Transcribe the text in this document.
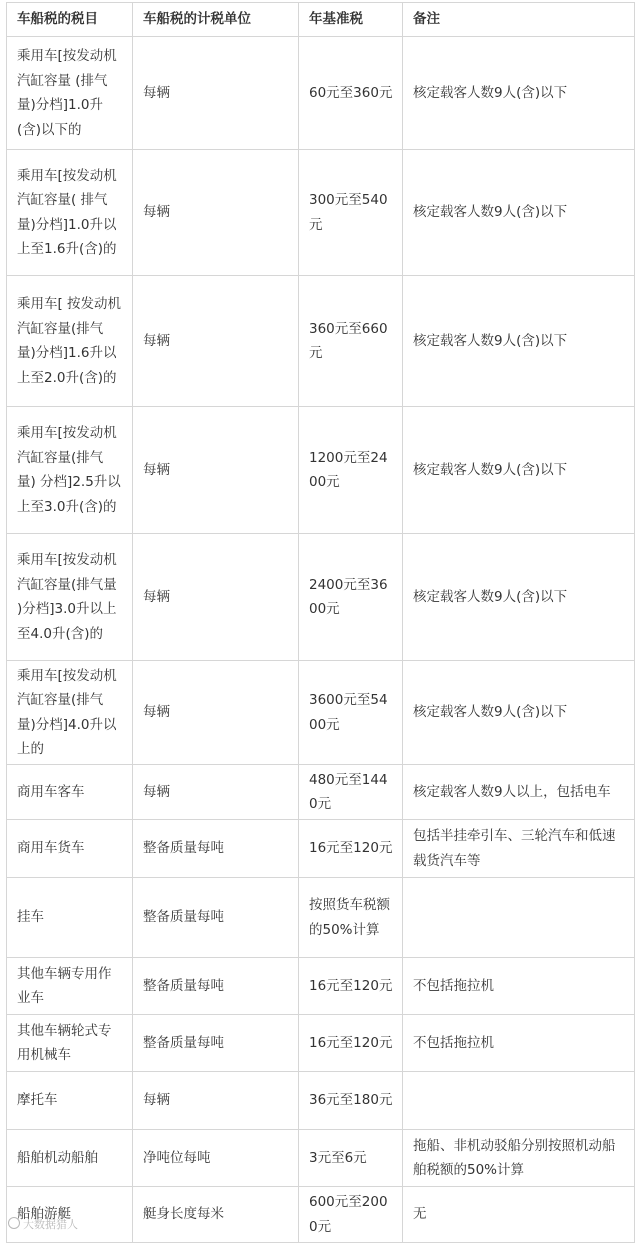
车船税的税目	车船税的计税单位	年基准税	备注
乘用车[按发动机汽缸容量 (排气量)分档]1.0升(含)以下的	每辆	60元至360元	核定载客人数9人(含)以下
乘用车[按发动机汽缸容量( 排气量)分档]1.0升以上至1.6升(含)的	每辆	300元至540元	核定载客人数9人(含)以下
乘用车[ 按发动机汽缸容量(排气量)分档]1.6升以上至2.0升(含)的	每辆	360元至660元	核定载客人数9人(含)以下
乘用车[按发动机汽缸容量(排气量) 分档]2.5升以上至3.0升(含)的	每辆	1200元至2400元	核定载客人数9人(含)以下
乘用车[按发动机汽缸容量(排气量 )分档]3.0升以上至4.0升(含)的	每辆	2400元至3600元	核定载客人数9人(含)以下
乘用车[按发动机汽缸容量(排气量)分档]4.0升以上的	每辆	3600元至5400元	核定载客人数9人(含)以下
商用车客车	每辆	480元至1440元	核定载客人数9人以上，包括电车
商用车货车	整备质量每吨	16元至120元	包括半挂牵引车、三轮汽车和低速载货汽车等
挂车	整备质量每吨	按照货车税额的50%计算	
其他车辆专用作业车	整备质量每吨	16元至120元	不包括拖拉机
其他车辆轮式专用机械车	整备质量每吨	16元至120元	不包括拖拉机
摩托车	每辆	36元至180元	
船舶机动船舶	净吨位每吨	3元至6元	拖船、非机动驳船分别按照机动船舶税额的50%计算
船舶游艇	艇身长度每米	600元至2000元	无
大数据猎人
